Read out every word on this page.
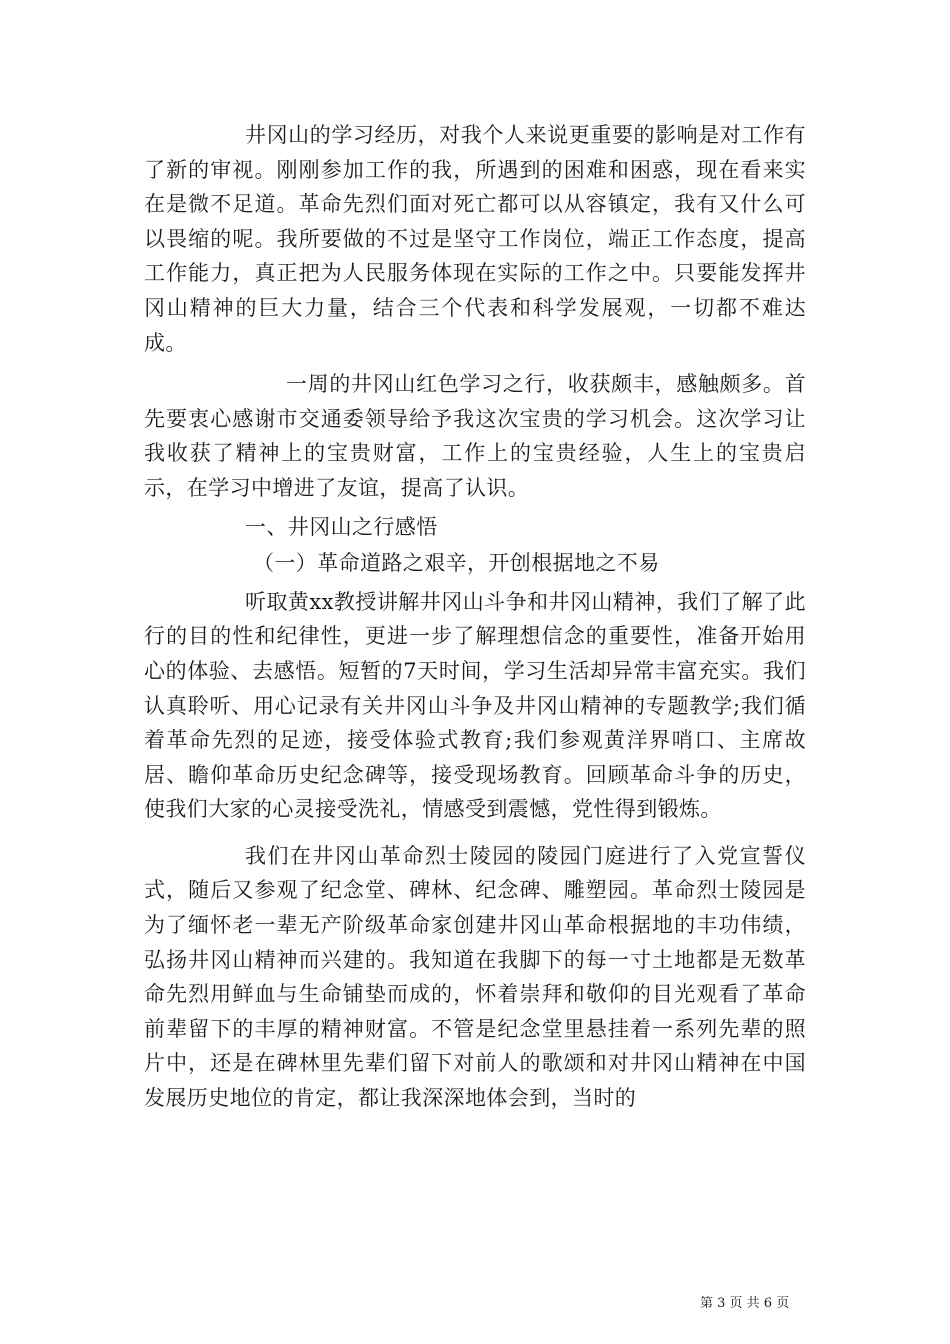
井冈山的学习经历，对我个人来说更重要的影响是对工作有了新的审视。刚刚参加工作的我，所遇到的困难和困惑，现在看来实在是微不足道。革命先烈们面对死亡都可以从容镇定，我有又什么可以畏缩的呢。我所要做的不过是坚守工作岗位，端正工作态度，提高工作能力，真正把为人民服务体现在实际的工作之中。只要能发挥井冈山精神的巨大力量，结合三个代表和科学发展观，一切都不难达成。

一周的井冈山红色学习之行，收获颇丰，感触颇多。首先要衷心感谢市交通委领导给予我这次宝贵的学习机会。这次学习让我收获了精神上的宝贵财富，工作上的宝贵经验，人生上的宝贵启示，在学习中增进了友谊，提高了认识。

一、井冈山之行感悟

（一）革命道路之艰辛，开创根据地之不易

听取黄xx教授讲解井冈山斗争和井冈山精神，我们了解了此行的目的性和纪律性，更进一步了解理想信念的重要性，准备开始用心的体验、去感悟。短暂的7天时间，学习生活却异常丰富充实。我们认真聆听、用心记录有关井冈山斗争及井冈山精神的专题教学;我们循着革命先烈的足迹，接受体验式教育;我们参观黄洋界哨口、主席故居、瞻仰革命历史纪念碑等，接受现场教育。回顾革命斗争的历史，使我们大家的心灵接受洗礼，情感受到震憾，党性得到锻炼。

我们在井冈山革命烈士陵园的陵园门庭进行了入党宣誓仪式，随后又参观了纪念堂、碑林、纪念碑、雕塑园。革命烈士陵园是为了缅怀老一辈无产阶级革命家创建井冈山革命根据地的丰功伟绩，弘扬井冈山精神而兴建的。我知道在我脚下的每一寸土地都是无数革命先烈用鲜血与生命铺垫而成的，怀着崇拜和敬仰的目光观看了革命前辈留下的丰厚的精神财富。不管是纪念堂里悬挂着一系列先辈的照片中，还是在碑林里先辈们留下对前人的歌颂和对井冈山精神在中国发展历史地位的肯定，都让我深深地体会到，当时的

第 3 页 共 6 页
